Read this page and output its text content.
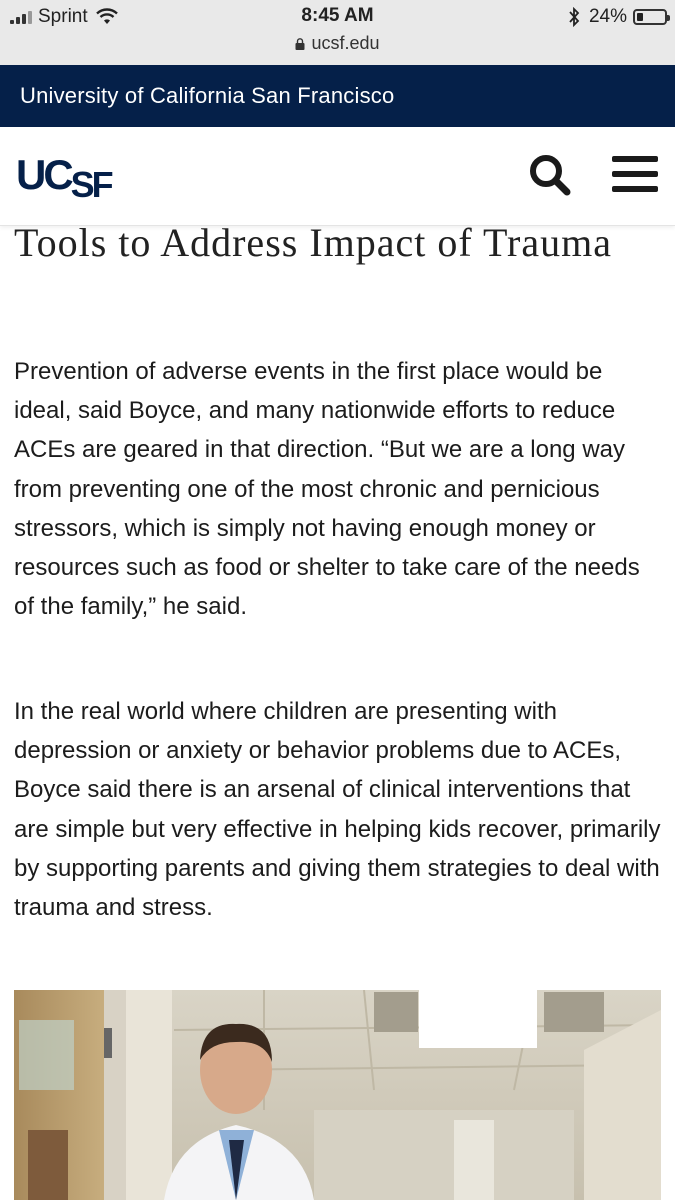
Sprint	8:45 AM	24%
ucsf.edu
University of California San Francisco
UCSF
Tools to Address Impact of Trauma

Prevention of adverse events in the first place would be ideal, said Boyce, and many nationwide efforts to reduce ACEs are geared in that direction. “But we are a long way from preventing one of the most chronic and pernicious stressors, which is simply not having enough money or resources such as food or shelter to take care of the needs of the family,” he said.

In the real world where children are presenting with depression or anxiety or behavior problems due to ACEs, Boyce said there is an arsenal of clinical interventions that are simple but very effective in helping kids recover, primarily by supporting parents and giving them strategies to deal with trauma and stress.
